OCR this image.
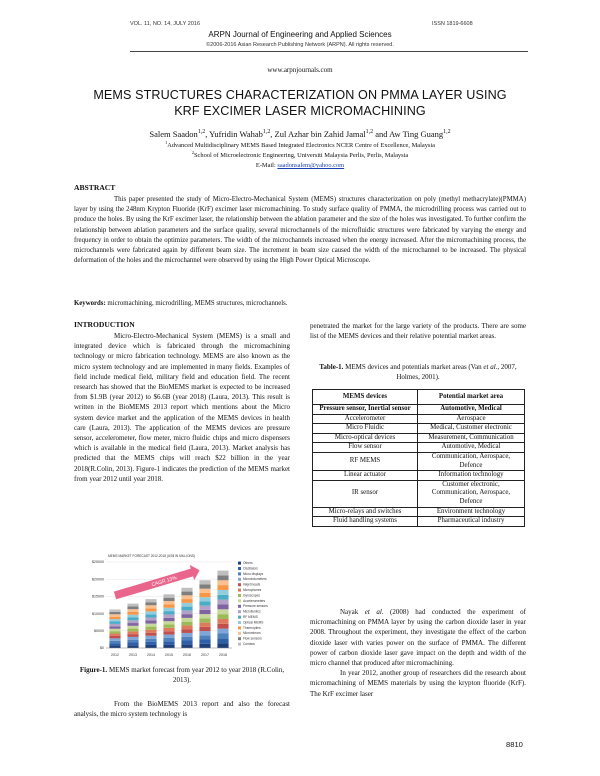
VOL. 11, NO. 14, JULY 2016	ISSN 1819-6608
ARPN Journal of Engineering and Applied Sciences
©2006-2016 Asian Research Publishing Network (ARPN). All rights reserved.
www.arpnjournals.com
MEMS STRUCTURES CHARACTERIZATION ON PMMA LAYER USING
KRF EXCIMER LASER MICROMACHINING
Salem Saadon$^{1,2}$, Yufridin Wahab$^{1,2}$, Zul Azhar bin Zahid Jamal$^{1,2}$ and Aw Ting Guang$^{1,2}$
$^1$Advanced Multidisciplinary MEMS Based Integrated Electronics NCER Centre of Excellence, Malaysia
$^2$School of Microelectronic Engineering, Universiti Malaysia Perlis, Perlis, Malaysia
E-Mail: saadonsalem@yahoo.com
ABSTRACT

This paper presented the study of Micro-Electro-Mechanical System (MEMS) structures characterization on poly (methyl methacrylate)(PMMA) layer by using the 248nm Krypton Fluoride (KrF) excimer laser micromachining. To study surface quality of PMMA, the microdrilling process was carried out to produce the holes. By using the KrF excimer laser, the relationship between the ablation parameter and the size of the holes was investigated. To further confirm the relationship between ablation parameters and the surface quality, several microchannels of the microfluidic structures were fabricated by varying the energy and frequency in order to obtain the optimize parameters. The width of the microchannels increased when the energy increased. After the micromachining process, the microchannels were fabricated again by different beam size. The increment in beam size caused the width of the microchannel to be increased. The physical deformation of the holes and the microchannel were observed by using the High Power Optical Microscope.

Keywords: micromachining, microdrilling, MEMS structures, microchannels.
INTRODUCTION

Micro-Electro-Mechanical System (MEMS) is a small and integrated device which is fabricated through the micromachining technology or micro fabrication technology. MEMS are also known as the micro system technology and are implemented in many fields. Examples of field include medical field, military field and education field. The recent research has showed that the BioMEMS market is expected to be increased from $1.9B (year 2012) to $6.6B (year 2018) (Laura, 2013). This result is written in the BioMEMS 2013 report which mentions about the Micro system device market and the application of the MEMS devices in health care (Laura, 2013). The application of the MEMS devices are pressure sensor, accelerometer, flow meter, micro fluidic chips and micro dispensers which is available in the medical field (Laura, 2013). Market analysis has predicted that the MEMS chips will reach $22 billion in the year 2018(R.Colin, 2013). Figure-1 indicates the prediction of the MEMS market from year 2012 until year 2018.

MEMS MARKET FORECAST 2012-2018 (US$ IN MILLIONS)
$0
$5000
$10000
$15000
$20000
$25000
2012	2013	2014	2015	2016	2017	2018
CAGR 13%
Others
Oscillators
Micro displays
Microbolometers
Inkjet heads
Microphones
Gyroscopes
Accelerometers
Pressure sensors
Microfluidics
RF MEMS
Optical MEMS
Thermopiles
Micromirrors
Flow sensors
Combos
Figure-1. MEMS market forecast from year 2012 to year 2018 (R.Colin, 2013).

From the BioMEMS 2013 report and also the forecast analysis, the micro system technology is

penetrated the market for the large variety of the products. There are some list of the MEMS devices and their relative potential market areas.

Table-1. MEMS devices and potentials market areas (Van et al., 2007, Holmes, 2001).
MEMS devices	Potential market area
Pressure sensor, Inertial sensor	Automotive, Medical
Accelerometer	Aerospace
Micro Fluidic	Medical, Customer electronic
Micro-optical devices	Measurement, Communication
Flow sensor	Automotive, Medical
RF MEMS	Communication, Aerospace, Defence
Linear actuator	Information technology
IR sensor	Customer electronic, Communication, Aerospace, Defence
Micro-relays and switches	Environment technology
Fluid handling systems	Pharmaceutical industry

Nayak et al. (2008) had conducted the experiment of micromachining on PMMA layer by using the carbon dioxide laser in year 2008. Throughout the experiment, they investigate the effect of the carbon dioxide laser with varies power on the surface of PMMA. The different power of carbon dioxide laser gave impact on the depth and width of the micro channel that produced after micromachining.

In year 2012, another group of researchers did the research about micromachining of MEMS materials by using the krypton fluoride (KrF). The KrF excimer laser

8810
